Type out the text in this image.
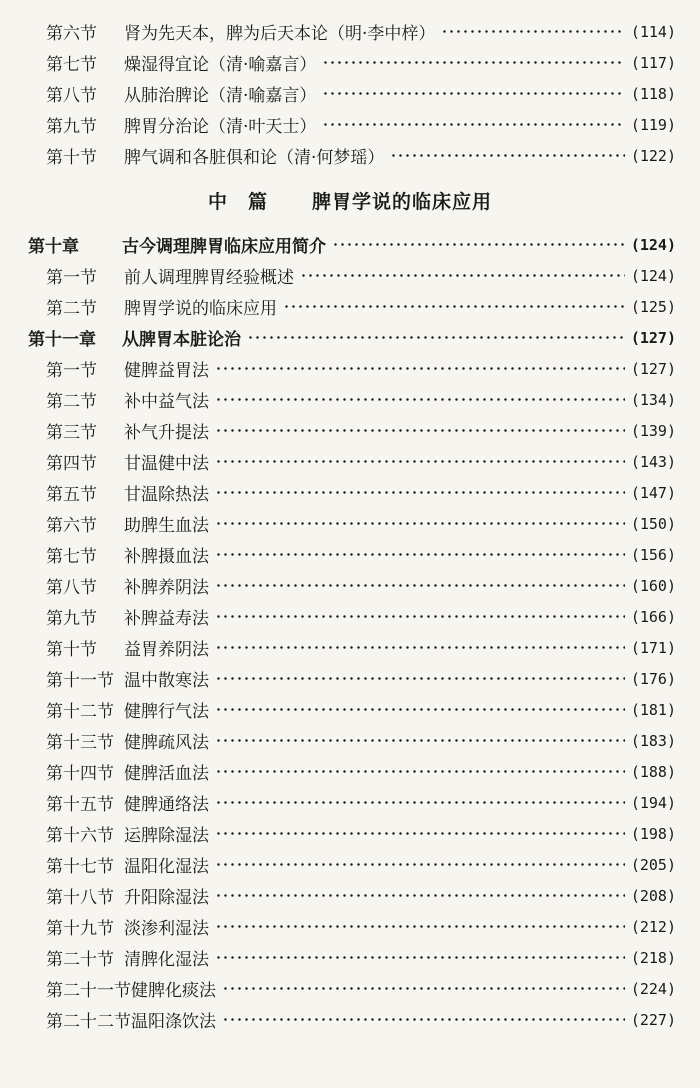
第六节	肾为先天本，脾为后天本论（明·李中梓）	(114)
第七节	燥湿得宜论（清·喻嘉言）	(117)
第八节	从肺治脾论（清·喻嘉言）	(118)
第九节	脾胃分治论（清·叶天士）	(119)
第十节	脾气调和各脏俱和论（清·何梦瑶）	(122)
中　篇 脾胃学说的临床应用
第十章	古今调理脾胃临床应用简介	(124)
第一节	前人调理脾胃经验概述	(124)
第二节	脾胃学说的临床应用	(125)
第十一章	从脾胃本脏论治	(127)
第一节	健脾益胃法	(127)
第二节	补中益气法	(134)
第三节	补气升提法	(139)
第四节	甘温健中法	(143)
第五节	甘温除热法	(147)
第六节	助脾生血法	(150)
第七节	补脾摄血法	(156)
第八节	补脾养阴法	(160)
第九节	补脾益寿法	(166)
第十节	益胃养阴法	(171)
第十一节 温中散寒法	(176)
第十二节 健脾行气法	(181)
第十三节 健脾疏风法	(183)
第十四节 健脾活血法	(188)
第十五节 健脾通络法	(194)
第十六节 运脾除湿法	(198)
第十七节 温阳化湿法	(205)
第十八节 升阳除湿法	(208)
第十九节 淡渗利湿法	(212)
第二十节 清脾化湿法	(218)
第二十一节 健脾化痰法	(224)
第二十二节 温阳涤饮法	(227)
